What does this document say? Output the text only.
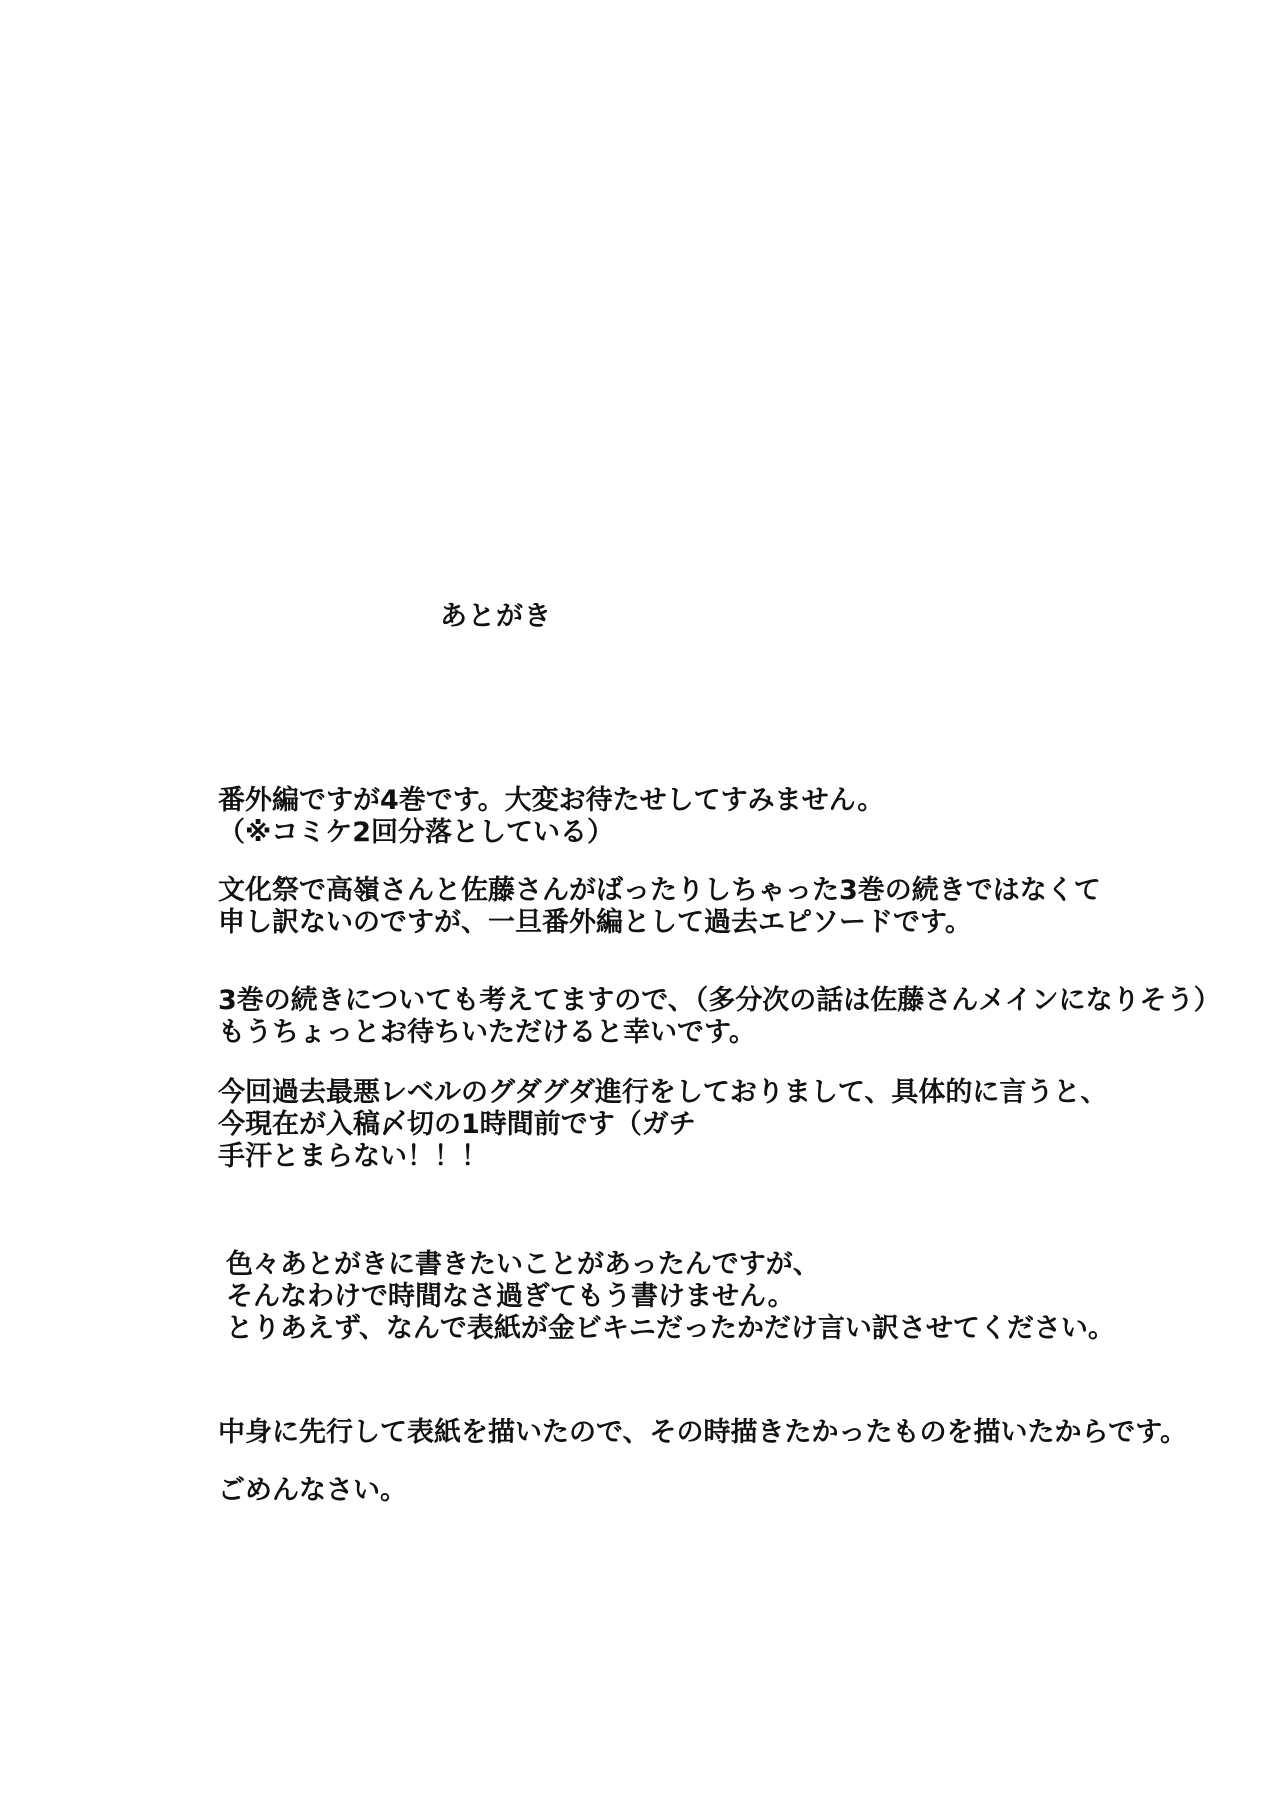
あとがき
番外編ですが4巻です。大変お待たせしてすみません。
（※コミケ2回分落としている）
文化祭で高嶺さんと佐藤さんがばったりしちゃった3巻の続きではなくて
申し訳ないのですが、一旦番外編として過去エピソードです。
3巻の続きについても考えてますので、（多分次の話は佐藤さんメインになりそう）
もうちょっとお待ちいただけると幸いです。
今回過去最悪レベルのグダグダ進行をしておりまして、具体的に言うと、
今現在が入稿〆切の1時間前です（ガチ
手汗とまらない！！！
色々あとがきに書きたいことがあったんですが、
そんなわけで時間なさ過ぎてもう書けません。
とりあえず、なんで表紙が金ビキニだったかだけ言い訳させてください。
中身に先行して表紙を描いたので、その時描きたかったものを描いたからです。
ごめんなさい。
